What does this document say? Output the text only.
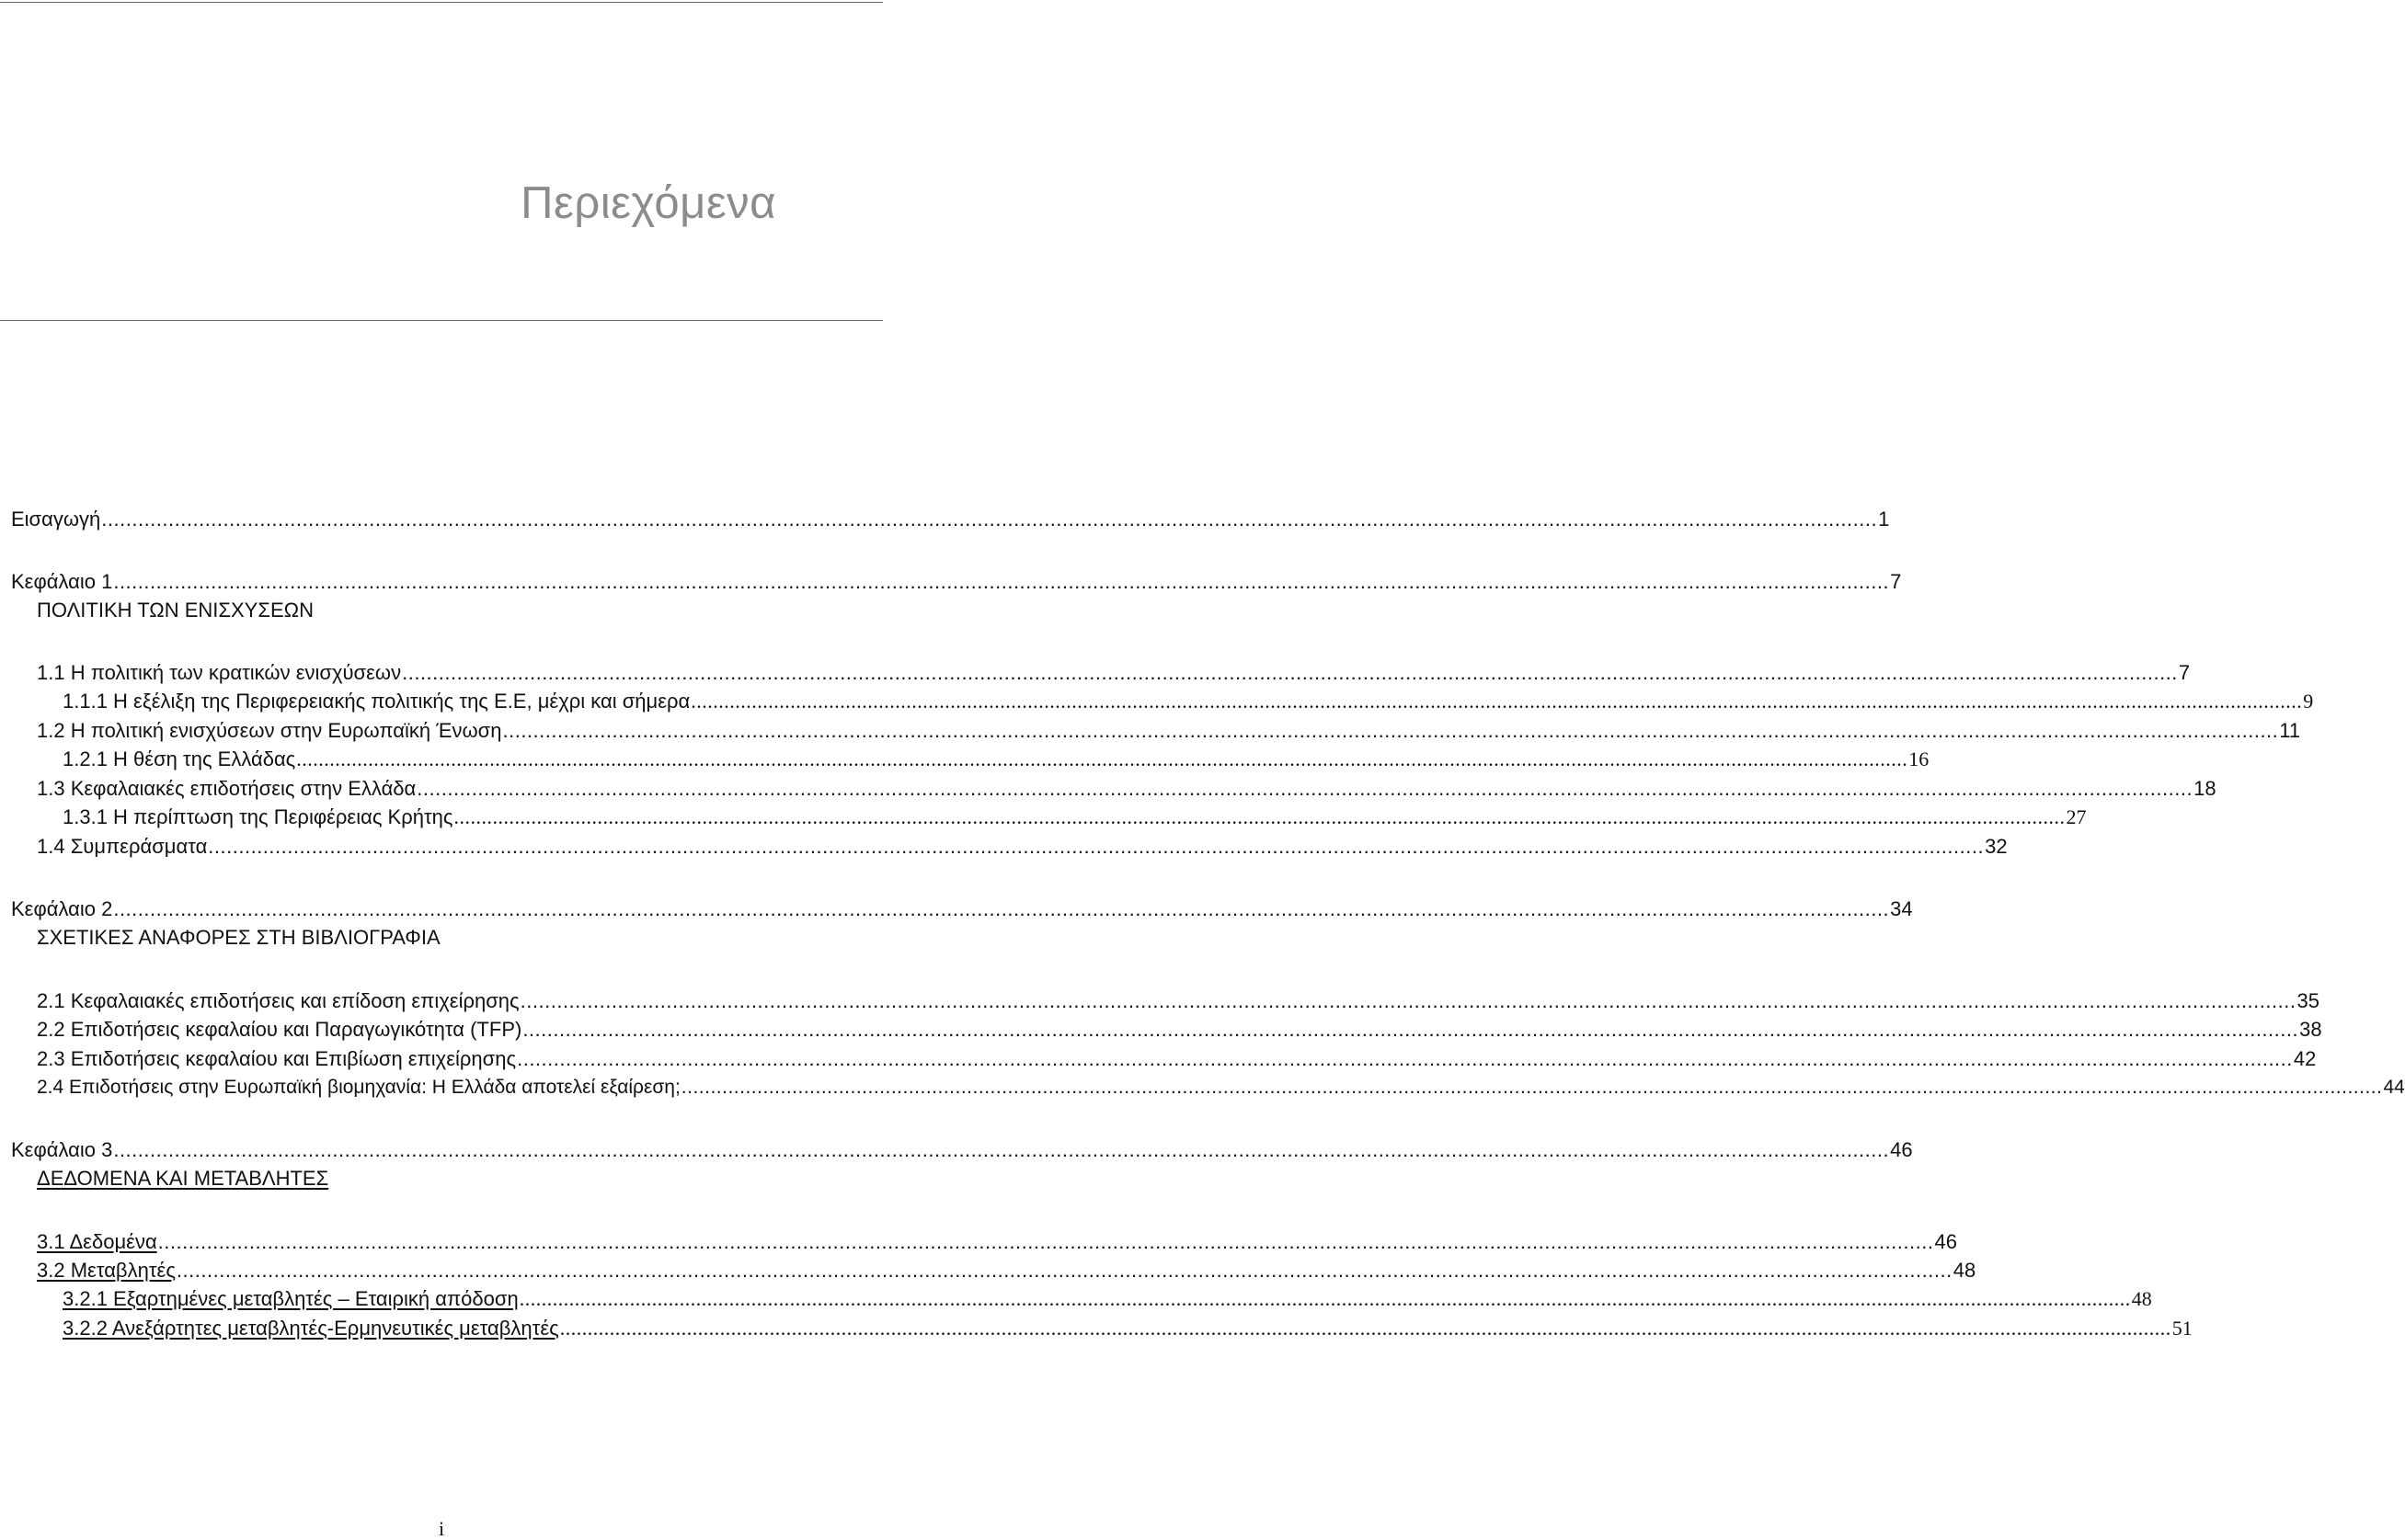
Περιεχόμενα
Εισαγωγή .................................................................................................................................................................................................................................................................................................... 1
Κεφάλαιο 1 .................................................................................................................................................................................................................................................................................................... 7
ΠΟΛΙΤΙΚΗ ΤΩΝ ΕΝΙΣΧΥΣΕΩΝ
1.1 Η πολιτική των κρατικών ενισχύσεων .................................................................................................................................................................................................................................................................................................... 7
1.1.1 Η εξέλιξη της Περιφερειακής πολιτικής της Ε.Ε, μέχρι και σήμερα .................................................................................................................................................................................................................................................................................................... 9
1.2 Η πολιτική ενισχύσεων στην Ευρωπαϊκή Ένωση .................................................................................................................................................................................................................................................................................................... 11
1.2.1 Η θέση της Ελλάδας .................................................................................................................................................................................................................................................................................................... 16
1.3 Κεφαλαιακές επιδοτήσεις στην Ελλάδα .................................................................................................................................................................................................................................................................................................... 18
1.3.1 Η περίπτωση της Περιφέρειας Κρήτης .................................................................................................................................................................................................................................................................................................... 27
1.4 Συμπεράσματα .................................................................................................................................................................................................................................................................................................... 32
Κεφάλαιο 2 .................................................................................................................................................................................................................................................................................................... 34
ΣΧΕΤΙΚΕΣ ΑΝΑΦΟΡΕΣ ΣΤΗ ΒΙΒΛΙΟΓΡΑΦΙΑ
2.1 Κεφαλαιακές επιδοτήσεις και επίδοση επιχείρησης .................................................................................................................................................................................................................................................................................................... 35
2.2 Επιδοτήσεις κεφαλαίου και Παραγωγικότητα (TFP) .................................................................................................................................................................................................................................................................................................... 38
2.3 Επιδοτήσεις κεφαλαίου και Επιβίωση επιχείρησης .................................................................................................................................................................................................................................................................................................... 42
2.4 Επιδοτήσεις στην Ευρωπαϊκή βιομηχανία: Η Ελλάδα αποτελεί εξαίρεση; .................................................................................................................................................................................................................................................................................................... 44
Κεφάλαιο 3 .................................................................................................................................................................................................................................................................................................... 46
ΔΕΔΟΜΕΝΑ ΚΑΙ ΜΕΤΑΒΛΗΤΕΣ
3.1 Δεδομένα .................................................................................................................................................................................................................................................................................................... 46
3.2 Μεταβλητές .................................................................................................................................................................................................................................................................................................... 48
3.2.1 Εξαρτημένες μεταβλητές – Εταιρική απόδοση .................................................................................................................................................................................................................................................................................................... 48
3.2.2 Ανεξάρτητες μεταβλητές-Ερμηνευτικές μεταβλητές .................................................................................................................................................................................................................................................................................................... 51
i
